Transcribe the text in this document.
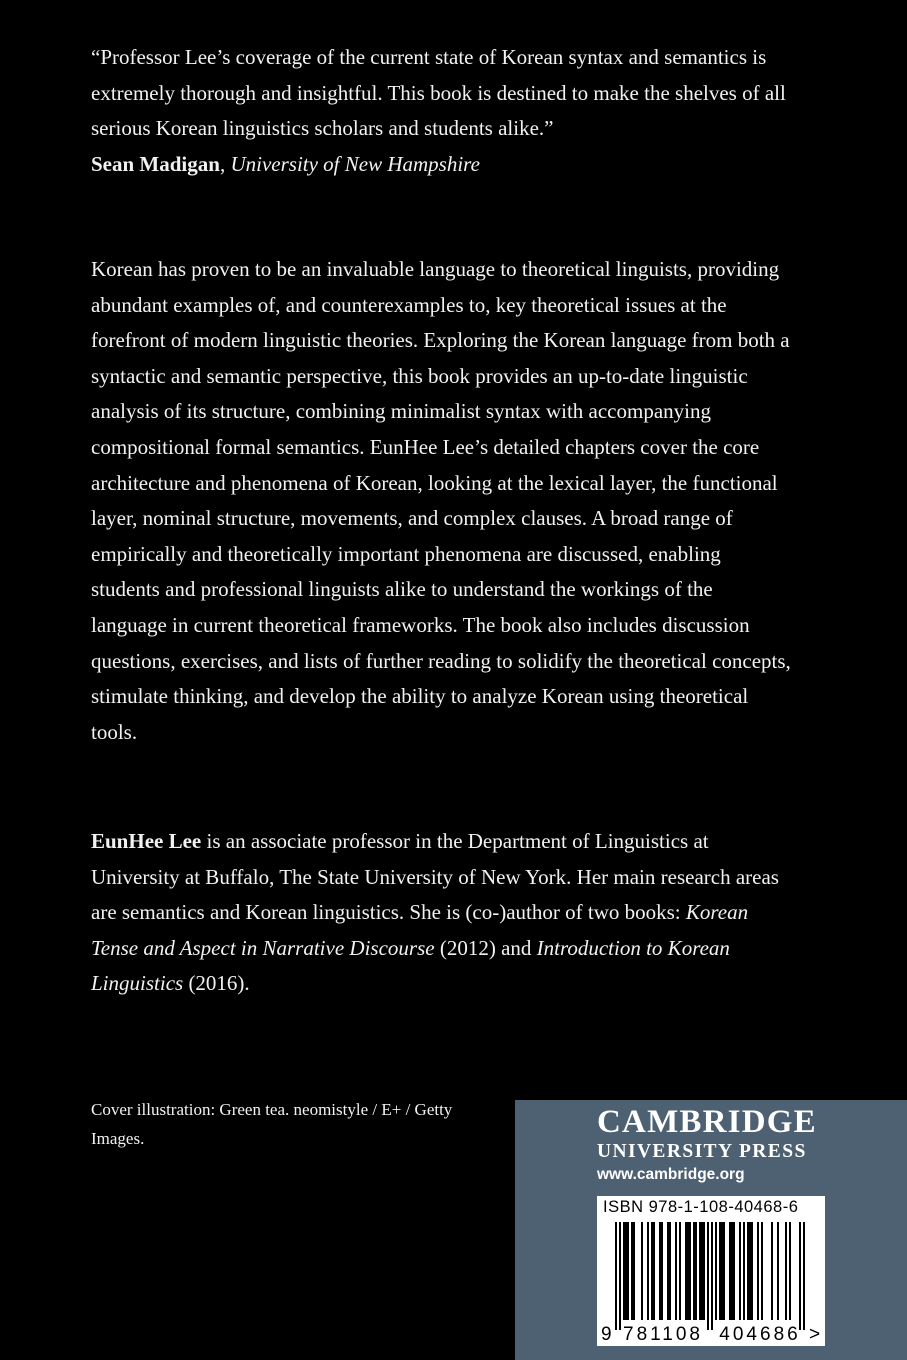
“Professor Lee’s coverage of the current state of Korean syntax and semantics is extremely thorough and insightful. This book is destined to make the shelves of all serious Korean linguistics scholars and students alike.”

Sean Madigan, University of New Hampshire

Korean has proven to be an invaluable language to theoretical linguists, providing abundant examples of, and counterexamples to, key theoretical issues at the forefront of modern linguistic theories. Exploring the Korean language from both a syntactic and semantic perspective, this book provides an up-to-date linguistic analysis of its structure, combining minimalist syntax with accompanying compositional formal semantics. EunHee Lee’s detailed chapters cover the core architecture and phenomena of Korean, looking at the lexical layer, the functional layer, nominal structure, movements, and complex clauses. A broad range of empirically and theoretically important phenomena are discussed, enabling students and professional linguists alike to understand the workings of the language in current theoretical frameworks. The book also includes discussion questions, exercises, and lists of further reading to solidify the theoretical concepts, stimulate thinking, and develop the ability to analyze Korean using theoretical tools.

EunHee Lee is an associate professor in the Department of Linguistics at University at Buffalo, The State University of New York. Her main research areas are semantics and Korean linguistics. She is (co-)author of two books: Korean Tense and Aspect in Narrative Discourse (2012) and Introduction to Korean Linguistics (2016).

Cover illustration: Green tea. neomistyle / E+ / Getty Images.	CAMBRIDGE
UNIVERSITY PRESS
www.cambridge.org
9 781108 404686 >
ISBN 978-1-108-40468-6
